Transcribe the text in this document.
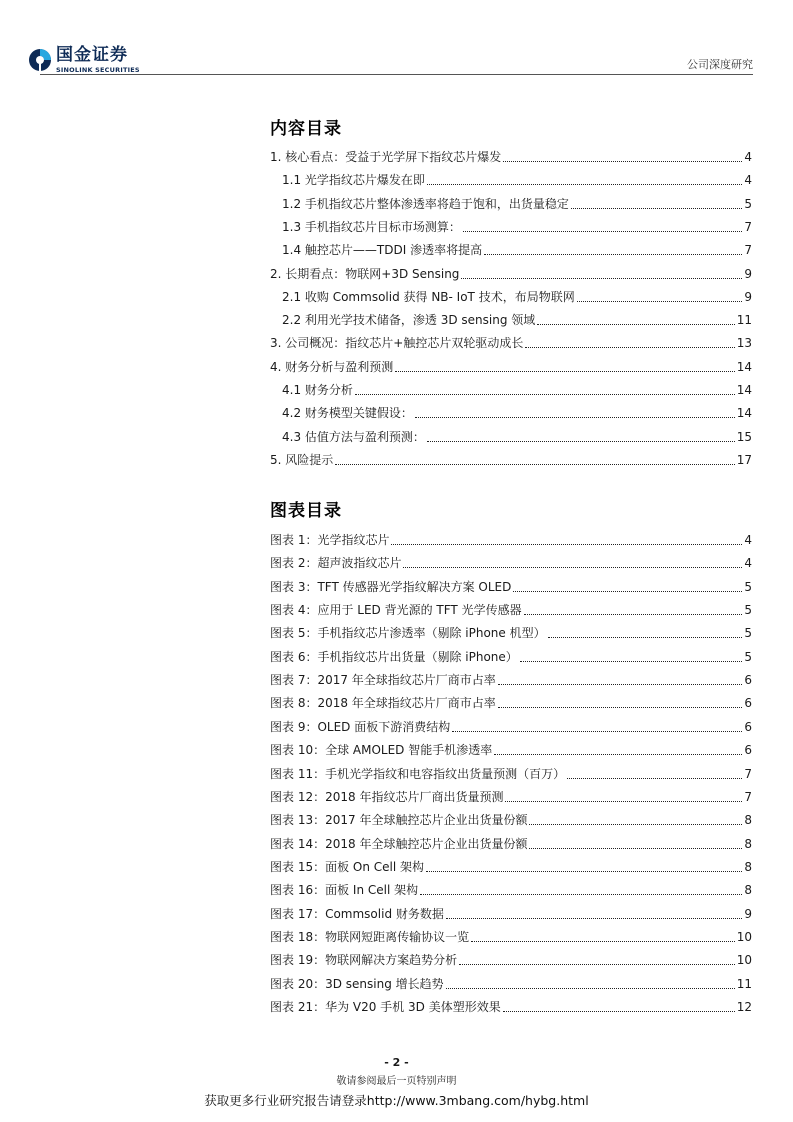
国金证券
SINOLINK SECURITIES	公司深度研究
内容目录
1. 核心看点：受益于光学屏下指纹芯片爆发	4
1.1 光学指纹芯片爆发在即	4
1.2 手机指纹芯片整体渗透率将趋于饱和，出货量稳定	5
1.3 手机指纹芯片目标市场测算：	7
1.4 触控芯片——TDDI 渗透率将提高	7
2. 长期看点：物联网+3D Sensing	9
2.1 收购 Commsolid 获得 NB- IoT 技术，布局物联网	9
2.2 利用光学技术储备，渗透 3D sensing 领域	11
3. 公司概况：指纹芯片+触控芯片双轮驱动成长	13
4. 财务分析与盈利预测	14
4.1 财务分析	14
4.2 财务模型关键假设：	14
4.3 估值方法与盈利预测：	15
5. 风险提示	17
图表目录
图表 1：光学指纹芯片	4
图表 2：超声波指纹芯片	4
图表 3：TFT 传感器光学指纹解决方案 OLED	5
图表 4：应用于 LED 背光源的 TFT 光学传感器	5
图表 5：手机指纹芯片渗透率（剔除 iPhone 机型）	5
图表 6：手机指纹芯片出货量（剔除 iPhone）	5
图表 7：2017 年全球指纹芯片厂商市占率	6
图表 8：2018 年全球指纹芯片厂商市占率	6
图表 9：OLED 面板下游消费结构	6
图表 10：全球 AMOLED 智能手机渗透率	6
图表 11：手机光学指纹和电容指纹出货量预测（百万）	7
图表 12：2018 年指纹芯片厂商出货量预测	7
图表 13：2017 年全球触控芯片企业出货量份额	8
图表 14：2018 年全球触控芯片企业出货量份额	8
图表 15：面板 On Cell 架构	8
图表 16：面板 In Cell 架构	8
图表 17：Commsolid 财务数据	9
图表 18：物联网短距离传输协议一览	10
图表 19：物联网解决方案趋势分析	10
图表 20：3D sensing 增长趋势	11
图表 21：华为 V20 手机 3D 美体塑形效果	12
- 2 -
敬请参阅最后一页特别声明
获取更多行业研究报告请登录http://www.3mbang.com/hybg.html
